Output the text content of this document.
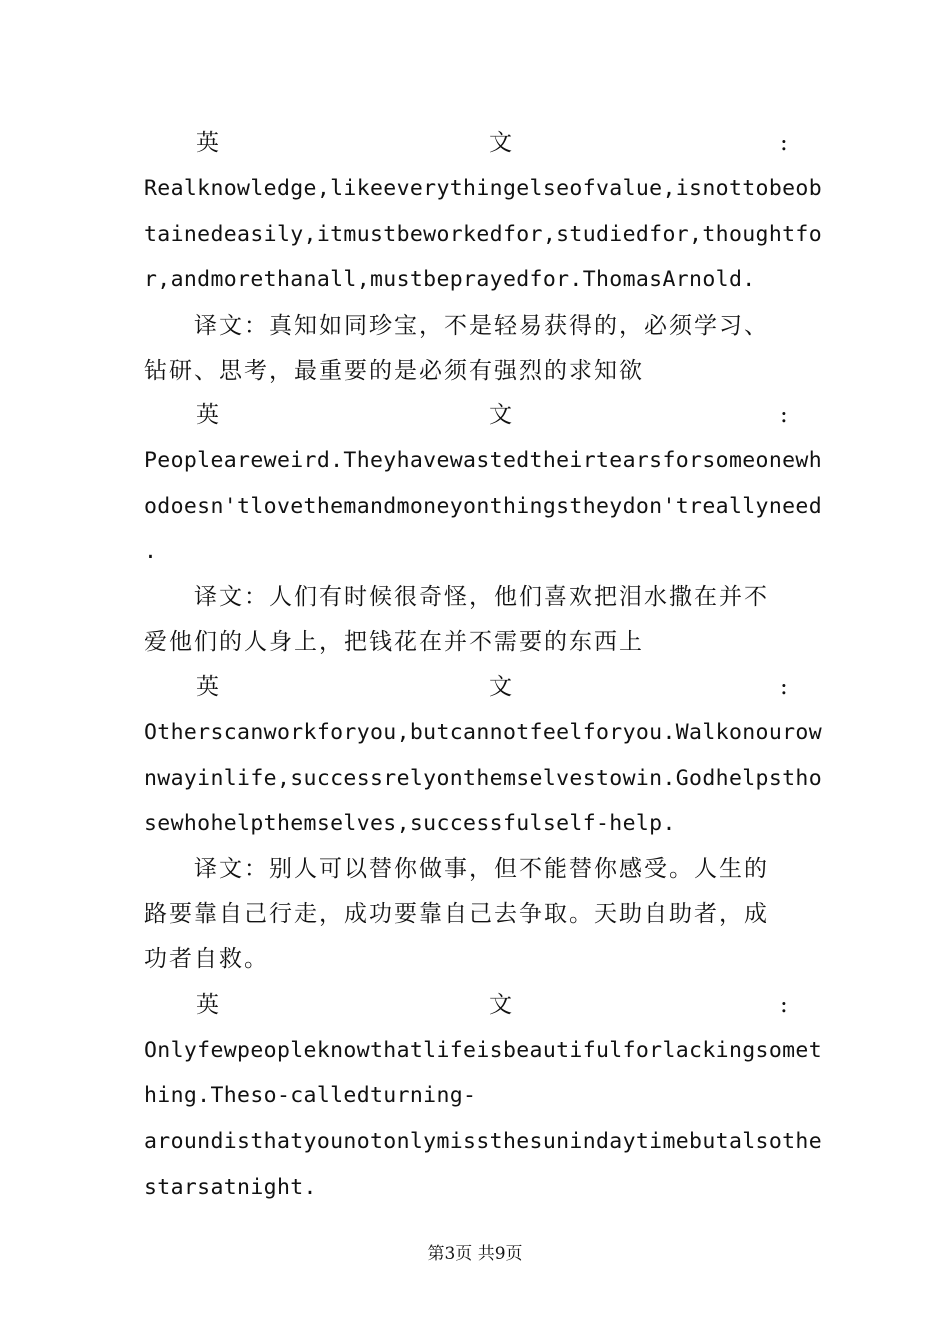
英	文	:
Realknowledge,likeeverythingelseofvalue,isnottobeob
tainedeasily,itmustbeworkedfor,studiedfor,thoughtfo
r,andmorethanall,mustbeprayedfor.ThomasArnold.
译文：真知如同珍宝，不是轻易获得的，必须学习、
钻研、思考，最重要的是必须有强烈的求知欲
英	文	:
Peopleareweird.Theyhavewastedtheirtearsforsomeonewh
odoesn'tlovethemandmoneyonthingstheydon'treallyneed
.
译文：人们有时候很奇怪，他们喜欢把泪水撒在并不
爱他们的人身上，把钱花在并不需要的东西上
英	文	:
Otherscanworkforyou,butcannotfeelforyou.Walkonourow
nwayinlife,successrelyonthemselvestowin.Godhelpstho
sewhohelpthemselves,successfulself-help.
译文：别人可以替你做事，但不能替你感受。人生的
路要靠自己行走，成功要靠自己去争取。天助自助者，成
功者自救。
英	文	:
Onlyfewpeopleknowthatlifeisbeautifulforlackingsomet
hing.Theso-calledturning-
aroundisthatyounotonlymissthesunindaytimebutalsothe
starsatnight.
第3页 共9页
